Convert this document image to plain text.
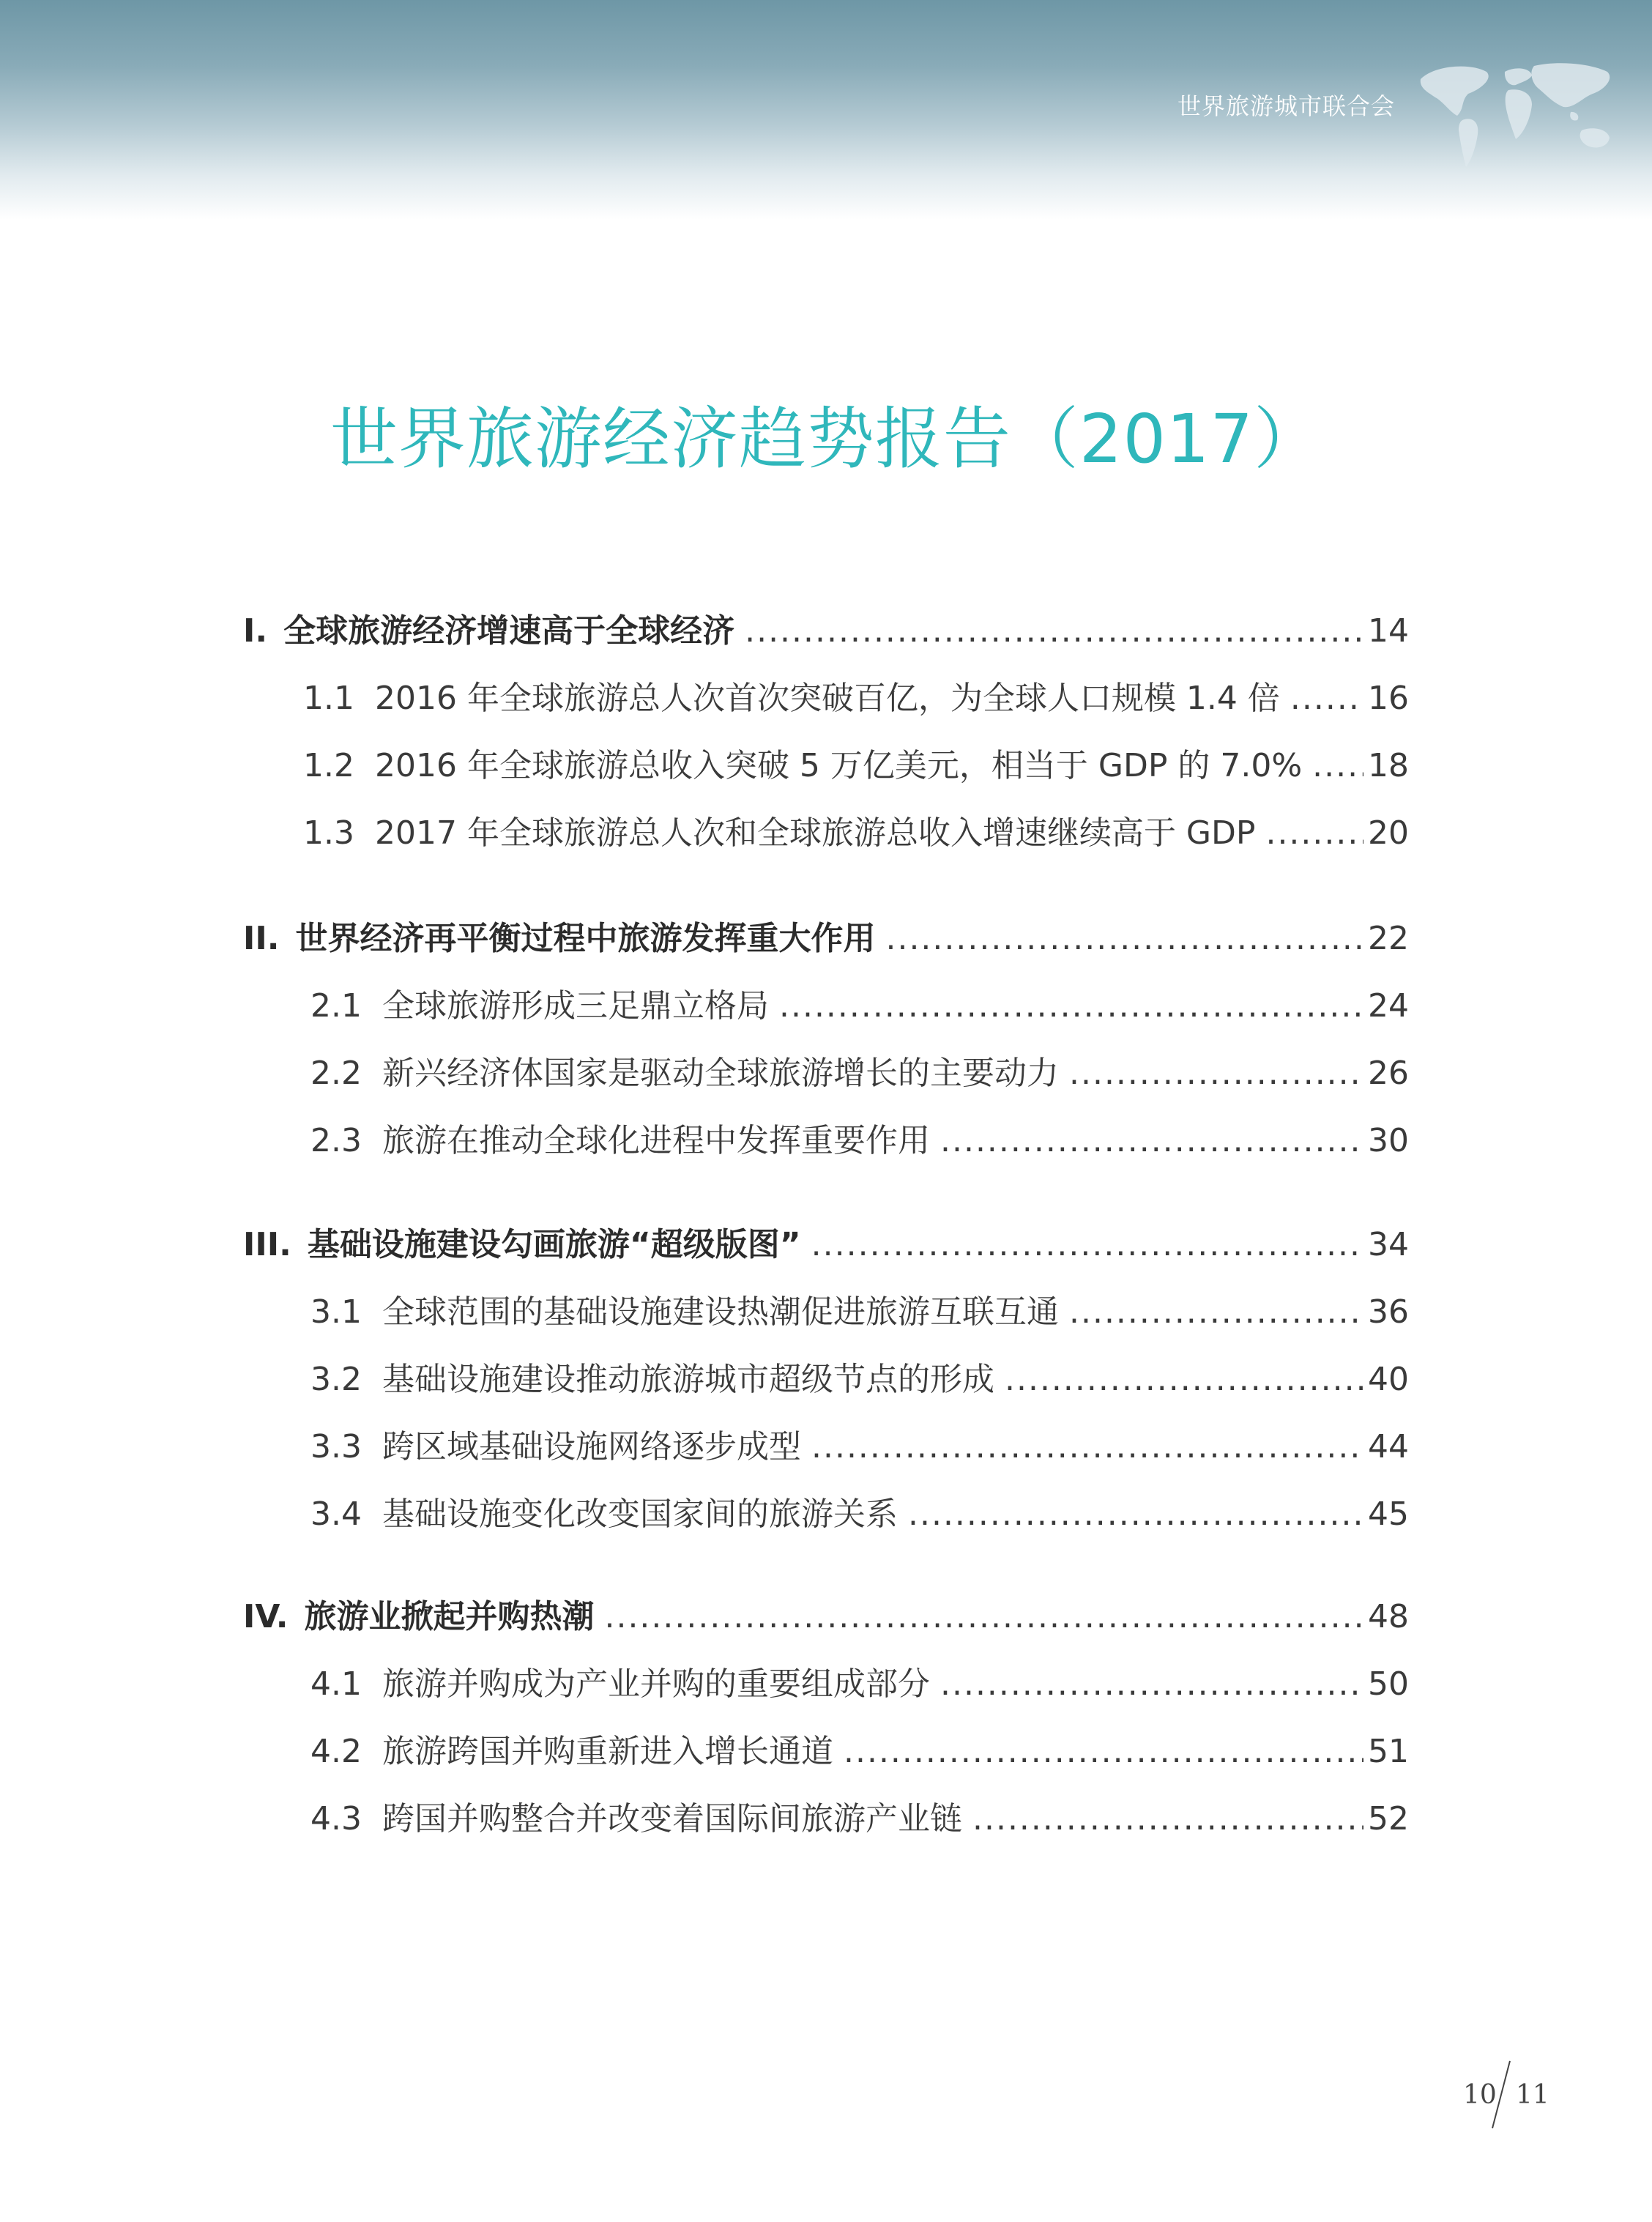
世界旅游城市联合会
世界旅游经济趋势报告（2017）
I. 全球旅游经济增速高于全球经济 .....	14
1.1 2016 年全球旅游总人次首次突破百亿，为全球人口规模 1.4 倍 .....	16
1.2 2016 年全球旅游总收入突破 5 万亿美元，相当于 GDP 的 7.0% ..... 18
1.3 2017 年全球旅游总人次和全球旅游总收入增速继续高于 GDP .....	20
II. 世界经济再平衡过程中旅游发挥重大作用 .....	22
2.1 全球旅游形成三足鼎立格局 .....	24
2.2 新兴经济体国家是驱动全球旅游增长的主要动力 .....	26
2.3 旅游在推动全球化进程中发挥重要作用 .....	30
III. 基础设施建设勾画旅游“超级版图” .....	34
3.1 全球范围的基础设施建设热潮促进旅游互联互通 .....	36
3.2 基础设施建设推动旅游城市超级节点的形成 .....	40
3.3 跨区域基础设施网络逐步成型 .....	44
3.4 基础设施变化改变国家间的旅游关系 .....	45
IV. 旅游业掀起并购热潮 .....	48
4.1 旅游并购成为产业并购的重要组成部分 .....	50
4.2 旅游跨国并购重新进入增长通道 .....	51
4.3 跨国并购整合并改变着国际间旅游产业链 .....	52
10 11
